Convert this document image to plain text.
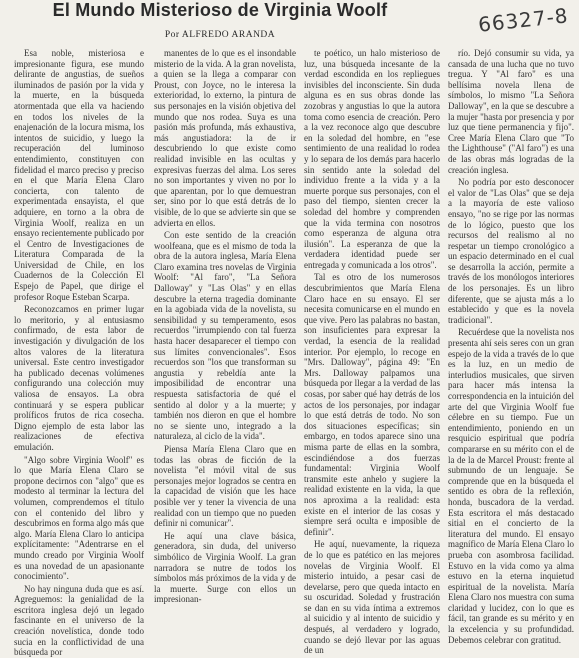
El Mundo Misterioso de Virginia Woolf
Por ALFREDO ARANDA	66327-8

Esa noble, misteriosa e impresionante figura, ese mundo delirante de angustias, de sueños iluminados de pasión por la vida y la muerte, en la búsqueda atormentada que ella va haciendo en todos los niveles de la enajenación de la locura misma, los intentos de suicidio, y luego la recuperación del luminoso entendimiento, constituyen con fidelidad el marco preciso y preciso en el que María Elena Claro concierta, con talento de experimentada ensayista, el que adquiere, en torno a la obra de Virginia Woolf, realiza en un ensayo recientemente publicado por el Centro de Investigaciones de Literatura Comparada de la Universidad de Chile, en los Cuadernos de la Colección El Espejo de Papel, que dirige el profesor Roque Esteban Scarpa.

Reconozcamos en primer lugar lo meritorio, y al entusiasmo confirmado, de esta labor de investigación y divulgación de los altos valores de la literatura universal. Este centro investigador ha publicado decenas volúmenes configurando una colección muy valiosa de ensayos. La obra continuará y se espera publicar prolíficos frutos de rica cosecha. Digno ejemplo de esta labor las realizaciones de efectiva emulación.

"Algo sobre Virginia Woolf" es lo que María Elena Claro se propone decirnos con "algo" que es modesto al terminar la lectura del volumen, comprendemos el título con el contenido del libro y descubrimos en forma algo más que algo. María Elena Claro lo anticipa explícitamente: "Adentrarse en el mundo creado por Virginia Woolf es una novedad de un apasionante conocimiento".

No hay ninguna duda que es así. Agreguemos: la genialidad de la escritora inglesa dejó un legado fascinante en el universo de la creación novelística, donde todo sucia en la conflictividad de una búsqueda por

manentes de lo que es el insondable misterio de la vida. A la gran novelista, a quien se la llega a comparar con Proust, con Joyce, no le interesa la exterioridad, lo externo, la pintura de sus personajes en la visión objetiva del mundo que nos rodea. Suya es una pasión más profunda, más exhaustiva, más angustiadora: la de ir descubriendo lo que existe como realidad invisible en las ocultas y expresivas fuerzas del alma. Los seres no son importantes y viven no por lo que aparentan, por lo que demuestran ser, sino por lo que está detrás de lo visible, de lo que se advierte sin que se advierta en ellos.

Con este sentido de la creación woolfeana, que es el mismo de toda la obra de la autora inglesa, María Elena Claro examina tres novelas de Virginia Woolf: "Al faro", "La Señora Dalloway" y "Las Olas" y en ellas descubre la eterna tragedia dominante en la agobiada vida de la novelista, su sensibilidad y su temperamento, esos recuerdos "irrumpiendo con tal fuerza hasta hacer desaparecer el tiempo con sus límites convencionales". Esos recuerdos son "los que transforman su angustia y rebeldía ante la imposibilidad de encontrar una respuesta satisfactoria de qué el sentido al dolor y a la muerte; y también nos dieron en que el hombre no se siente uno, integrado a la naturaleza, al ciclo de la vida".

Piensa María Elena Claro que en todas las obras de ficción de la novelista "el móvil vital de sus personajes mejor logrados se centra en la capacidad de visión que les hace posible ver y tener la vivencia de una realidad con un tiempo que no pueden definir ni comunicar".

He aquí una clave básica, generadora, sin duda, del universo simbólico de Virginia Woolf. La gran narradora se nutre de todos los símbolos más próximos de la vida y de la muerte. Surge con ellos un impresionan-

te poético, un halo misterioso de luz, una búsqueda incesante de la verdad escondida en los repliegues invisibles del inconsciente. Sin duda alguna es en sus obras donde las zozobras y angustias lo que la autora toma como esencia de creación. Pero a la vez reconoce algo que descubre en la soledad del hombre, en "ese sentimiento de una realidad lo rodea y lo separa de los demás para hacerlo sin sentido ante la soledad del individuo frente a la vida y a la muerte porque sus personajes, con el paso del tiempo, sienten crecer la soledad del hombre y comprenden que la vida termina con nosotros como esperanza de alguna otra ilusión". La esperanza de que la verdadera identidad puede ser entregada y comunicada a los otros".

Tal es otro de los numerosos descubrimientos que María Elena Claro hace en su ensayo. El ser necesita comunicarse en el mundo en que vive. Pero las palabras no bastan, son insuficientes para expresar la verdad, la esencia de la realidad interior. Por ejemplo, lo recoge en "Mrs. Dalloway", página 49: "En Mrs. Dalloway palpamos una búsqueda por llegar a la verdad de las cosas, por saber qué hay detrás de los actos de los personajes, por indagar lo que está detrás de todo. No son dos situaciones específicas; sin embargo, en todos aparece sino una misma parte de ellas en la sombra, escindiéndose a dos fuerzas fundamental: Virginia Woolf transmite este anhelo y sugiere la realidad existente en la vida, la que nos aproxima a la realidad: esta existe en el interior de las cosas y siempre será oculta e imposible de definir".

He aquí, nuevamente, la riqueza de lo que es patético en las mejores novelas de Virginia Woolf. El misterio intuido, a pesar casi de develarse, pero que queda intacto en su oscuridad. Soledad y frustración se dan en su vida íntima a extremos al suicidio y al intento de suicidio y después, al verdadero y logrado, cuando se dejó llevar por las aguas de un

río. Dejó consumir su vida, ya cansada de una lucha que no tuvo tregua. Y "Al faro" es una bellísima novela llena de símbolos, lo mismo "La Señora Dalloway", en la que se descubre a la mujer "hasta por presencia y por luz que tiene permanencia y fijo". Cree María Elena Claro que "To the Lighthouse" ("Al faro") es una de las obras más logradas de la creación inglesa.

No podría por esto desconocer el valor de "Las Olas" que se deja a la mayoría de este valioso ensayo, "no se rige por las normas de lo lógico, puesto que los recursos del realismo al no respetar un tiempo cronológico a un espacio determinado en el cual se desarrolla la acción, permite a través de los monólogos interiores de los personajes. Es un libro diferente, que se ajusta más a lo establecido y que es la novela tradicional".

Recuérdese que la novelista nos presenta ahí seis seres con un gran espejo de la vida a través de lo que es la luz, en un medio de interludios musicales, que sirven para hacer más intensa la correspondencia en la intuición del arte del que Virginia Woolf fue célebre en su tiempo. Fue un entendimiento, poniendo en un resquicio espiritual que podría compararse en su mérito con el de la de la de Marcel Proust: frente al submundo de un lenguaje. Se comprende que en la búsqueda el sentido es obra de la reflexión, honda, buscadora de la verdad. Esta escritora el más destacado sitial en el concierto de la literatura del mundo. El ensayo magnífico de María Elena Claro lo prueba con asombrosa facilidad. Estuvo en la vida como ya alma estuvo en la eterna inquietud espiritual de la novelista. María Elena Claro nos muestra con suma claridad y lucidez, con lo que es fácil, tan grande es su mérito y en la excelencia y su profundidad. Debemos celebrar con gratitud.
